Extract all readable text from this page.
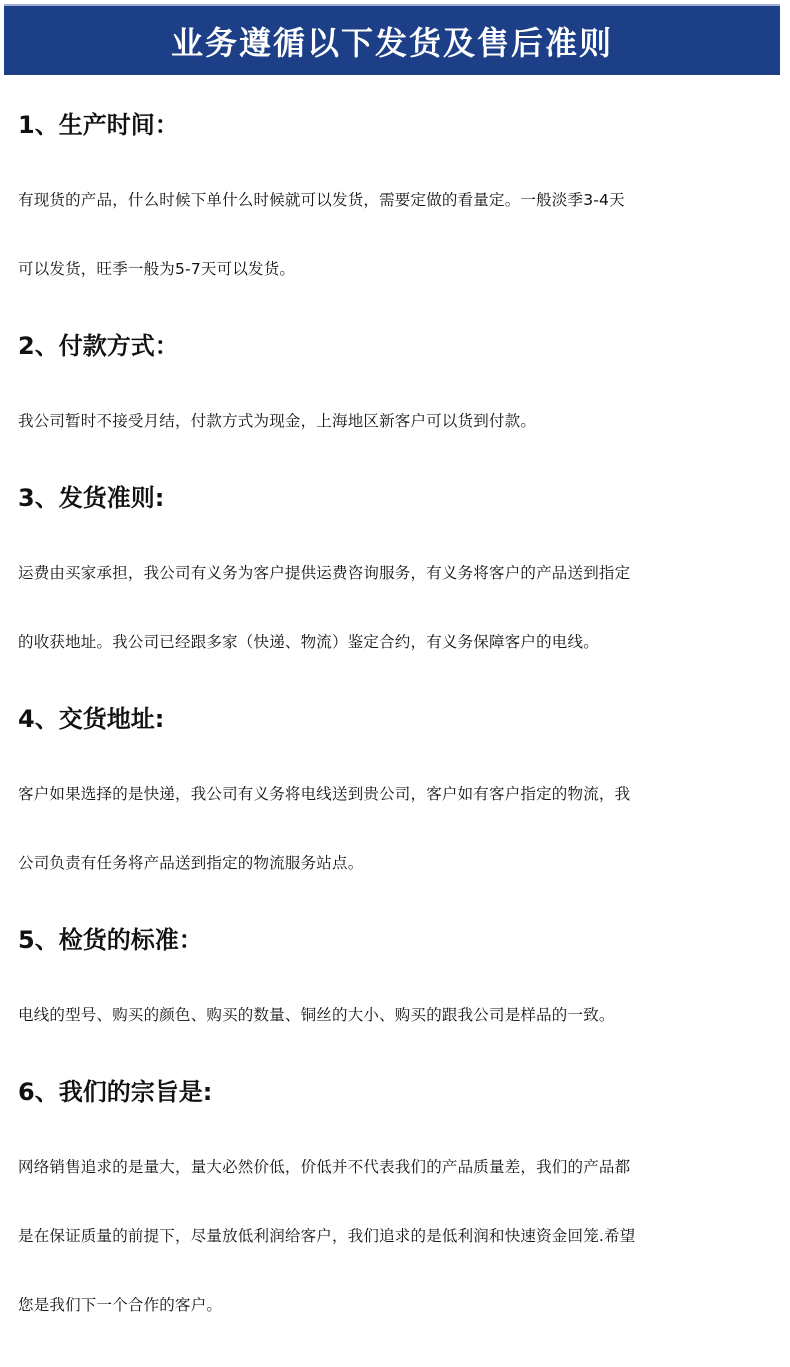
业务遵循以下发货及售后准则
1、生产时间：

有现货的产品，什么时候下单什么时候就可以发货，需要定做的看量定。一般淡季3-4天

可以发货，旺季一般为5-7天可以发货。

2、付款方式：

我公司暂时不接受月结，付款方式为现金，上海地区新客户可以货到付款。

3、发货准则:

运费由买家承担，我公司有义务为客户提供运费咨询服务，有义务将客户的产品送到指定

的收获地址。我公司已经跟多家（快递、物流）鉴定合约，有义务保障客户的电线。

4、交货地址:

客户如果选择的是快递，我公司有义务将电线送到贵公司，客户如有客户指定的物流，我

公司负责有任务将产品送到指定的物流服务站点。

5、检货的标准：

电线的型号、购买的颜色、购买的数量、铜丝的大小、购买的跟我公司是样品的一致。

6、我们的宗旨是:

网络销售追求的是量大，量大必然价低，价低并不代表我们的产品质量差，我们的产品都

是在保证质量的前提下，尽量放低利润给客户，我们追求的是低利润和快速资金回笼.希望

您是我们下一个合作的客户。
